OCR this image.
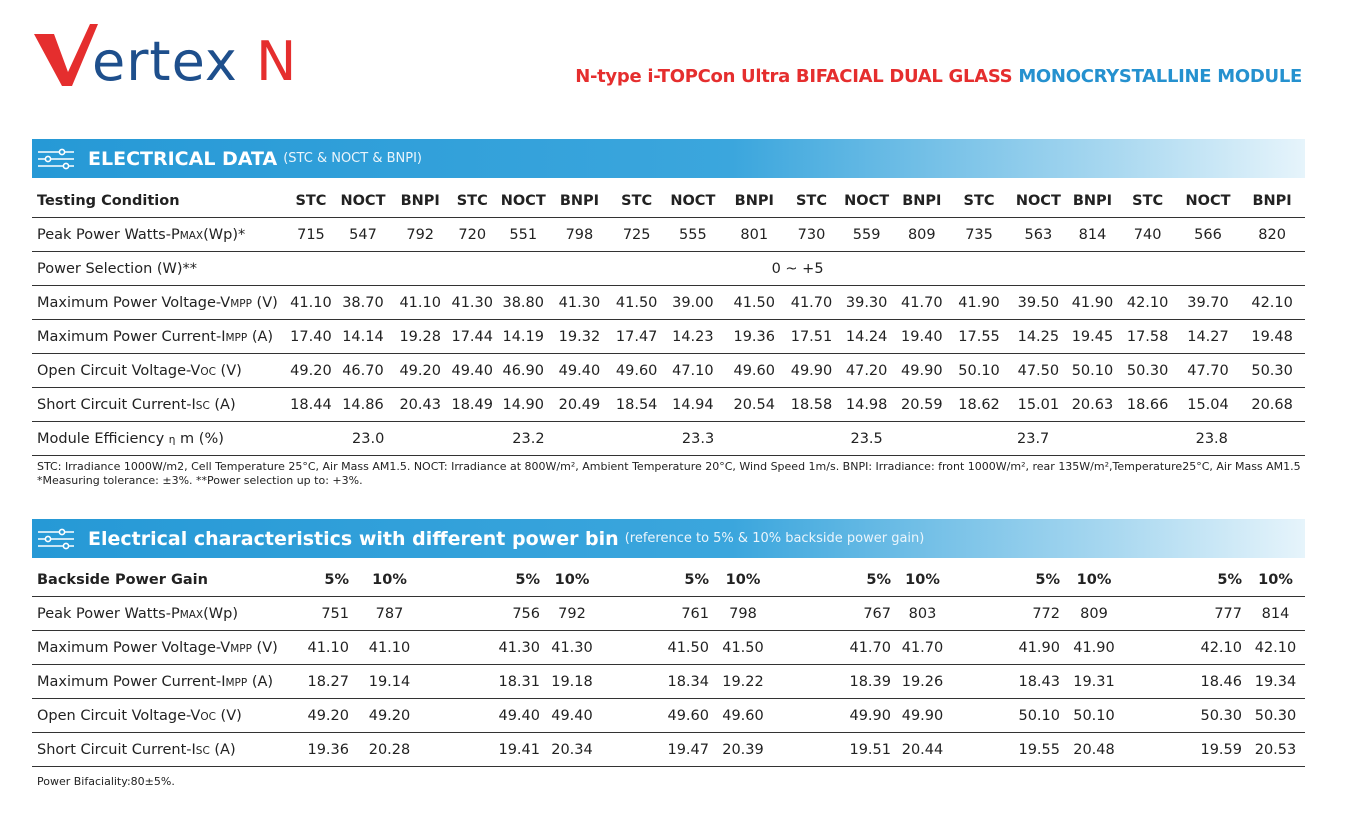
ertex N	N-type i-TOPCon Ultra BIFACIAL DUAL GLASS MONOCRYSTALLINE MODULE
ELECTRICAL DATA (STC & NOCT & BNPI)
Testing Condition	STC	NOCT	BNPI	STC	NOCT	BNPI	STC	NOCT	BNPI	STC	NOCT	BNPI	STC	NOCT	BNPI	STC	NOCT	BNPI
Peak Power Watts-PMAX(Wp)*	715	547	792	720	551	798	725	555	801	730	559	809	735	563	814	740	566	820
Power Selection (W)**	0 ~ +5																	
Maximum Power Voltage-VMPP (V)	41.10	38.70	41.10	41.30	38.80	41.30	41.50	39.00	41.50	41.70	39.30	41.70	41.90	39.50	41.90	42.10	39.70	42.10
Maximum Power Current-IMPP (A)	17.40	14.14	19.28	17.44	14.19	19.32	17.47	14.23	19.36	17.51	14.24	19.40	17.55	14.25	19.45	17.58	14.27	19.48
Open Circuit Voltage-VOC (V)	49.20	46.70	49.20	49.40	46.90	49.40	49.60	47.10	49.60	49.90	47.20	49.90	50.10	47.50	50.10	50.30	47.70	50.30
Short Circuit Current-ISC (A)	18.44	14.86	20.43	18.49	14.90	20.49	18.54	14.94	20.54	18.58	14.98	20.59	18.62	15.01	20.63	18.66	15.04	20.68
Module Efficiency η m (%)	23.0			23.2			23.3			23.5			23.7			23.8		
STC: Irradiance 1000W/m2, Cell Temperature 25°C, Air Mass AM1.5. NOCT: Irradiance at 800W/m², Ambient Temperature 20°C, Wind Speed 1m/s. BNPI: Irradiance: front 1000W/m², rear 135W/m²,Temperature25°C, Air Mass AM1.5
*Measuring tolerance: ±3%. **Power selection up to: +3%.
Electrical characteristics with different power bin (reference to 5% & 10% backside power gain)
Backside Power Gain	5%	10%	5%	10%	5%	10%	5%	10%	5%	10%	5%	10%
Peak Power Watts-PMAX(Wp)	751	787	756	792	761	798	767	803	772	809	777	814
Maximum Power Voltage-VMPP (V)	41.10	41.10	41.30	41.30	41.50	41.50	41.70	41.70	41.90	41.90	42.10	42.10
Maximum Power Current-IMPP (A)	18.27	19.14	18.31	19.18	18.34	19.22	18.39	19.26	18.43	19.31	18.46	19.34
Open Circuit Voltage-VOC (V)	49.20	49.20	49.40	49.40	49.60	49.60	49.90	49.90	50.10	50.10	50.30	50.30
Short Circuit Current-ISC (A)	19.36	20.28	19.41	20.34	19.47	20.39	19.51	20.44	19.55	20.48	19.59	20.53
Power Bifaciality:80±5%.
